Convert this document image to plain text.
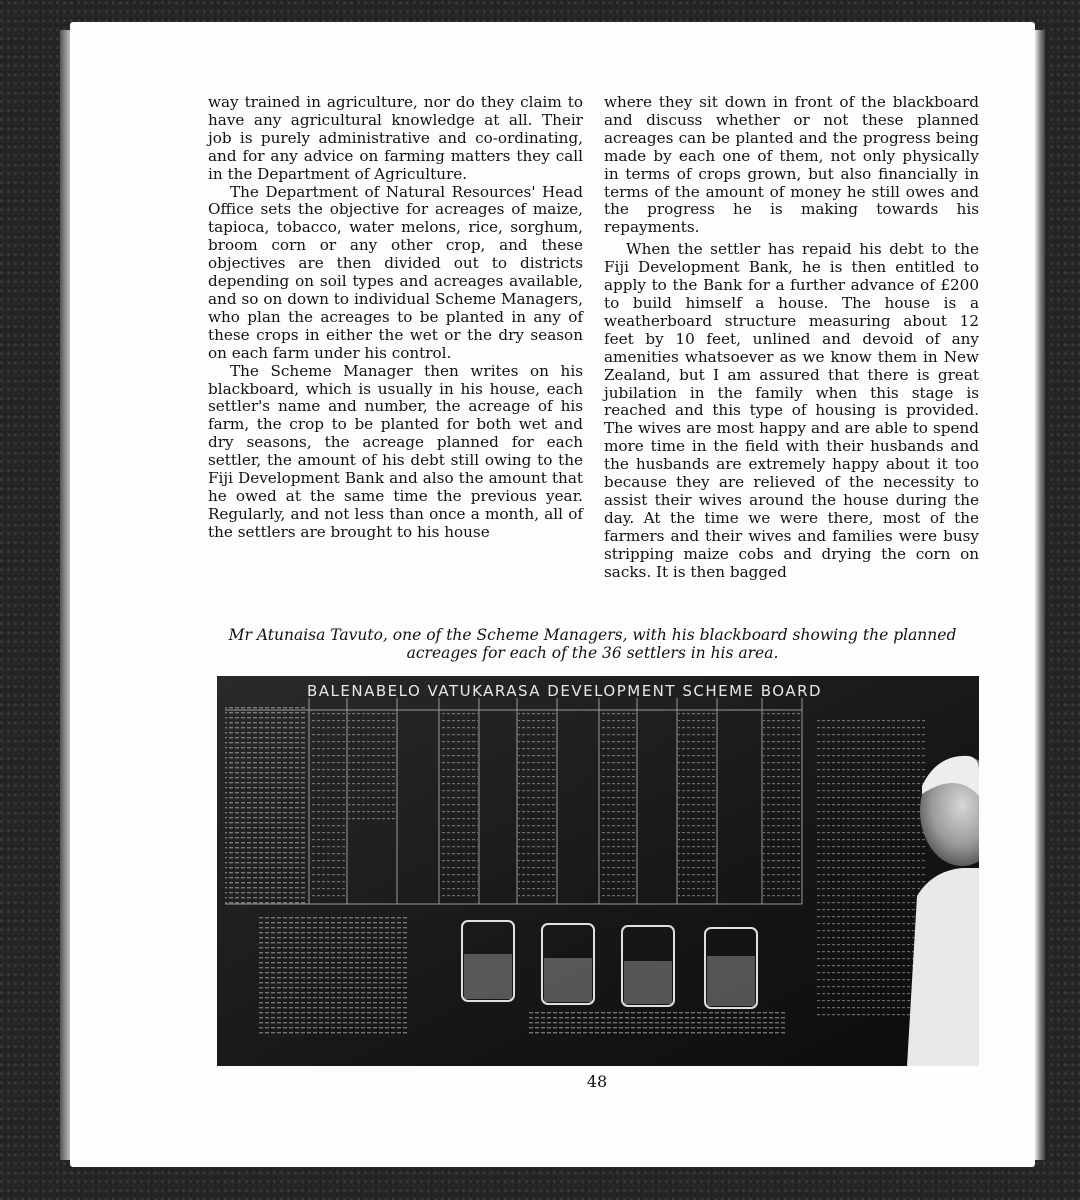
way trained in agriculture, nor do they claim to have any agricultural knowledge at all. Their job is purely administrative and co-ordinating, and for any advice on farming matters they call in the Department of Agriculture.

The Department of Natural Resources' Head Office sets the objective for acreages of maize, tapioca, tobacco, water melons, rice, sorghum, broom corn or any other crop, and these objectives are then divided out to districts depending on soil types and acreages available, and so on down to individual Scheme Managers, who plan the acreages to be planted in any of these crops in either the wet or the dry season on each farm under his control.

The Scheme Manager then writes on his blackboard, which is usually in his house, each settler's name and number, the acreage of his farm, the crop to be planted for both wet and dry seasons, the acreage planned for each settler, the amount of his debt still owing to the Fiji Development Bank and also the amount that he owed at the same time the previous year. Regularly, and not less than once a month, all of the settlers are brought to his house

where they sit down in front of the blackboard and discuss whether or not these planned acreages can be planted and the progress being made by each one of them, not only physically in terms of crops grown, but also financially in terms of the amount of money he still owes and the progress he is making towards his repayments.

When the settler has repaid his debt to the Fiji Development Bank, he is then entitled to apply to the Bank for a further advance of £200 to build himself a house. The house is a weatherboard structure measuring about 12 feet by 10 feet, unlined and devoid of any amenities whatsoever as we know them in New Zealand, but I am assured that there is great jubilation in the family when this stage is reached and this type of housing is provided. The wives are most happy and are able to spend more time in the field with their husbands and the husbands are extremely happy about it too because they are relieved of the necessity to assist their wives around the house during the day. At the time we were there, most of the farmers and their wives and families were busy stripping maize cobs and drying the corn on sacks. It is then bagged

Mr Atunaisa Tavuto, one of the Scheme Managers, with his blackboard showing the planned acreages for each of the 36 settlers in his area.
BALENABELO VATUKARASA DEVELOPMENT SCHEME BOARD
48
